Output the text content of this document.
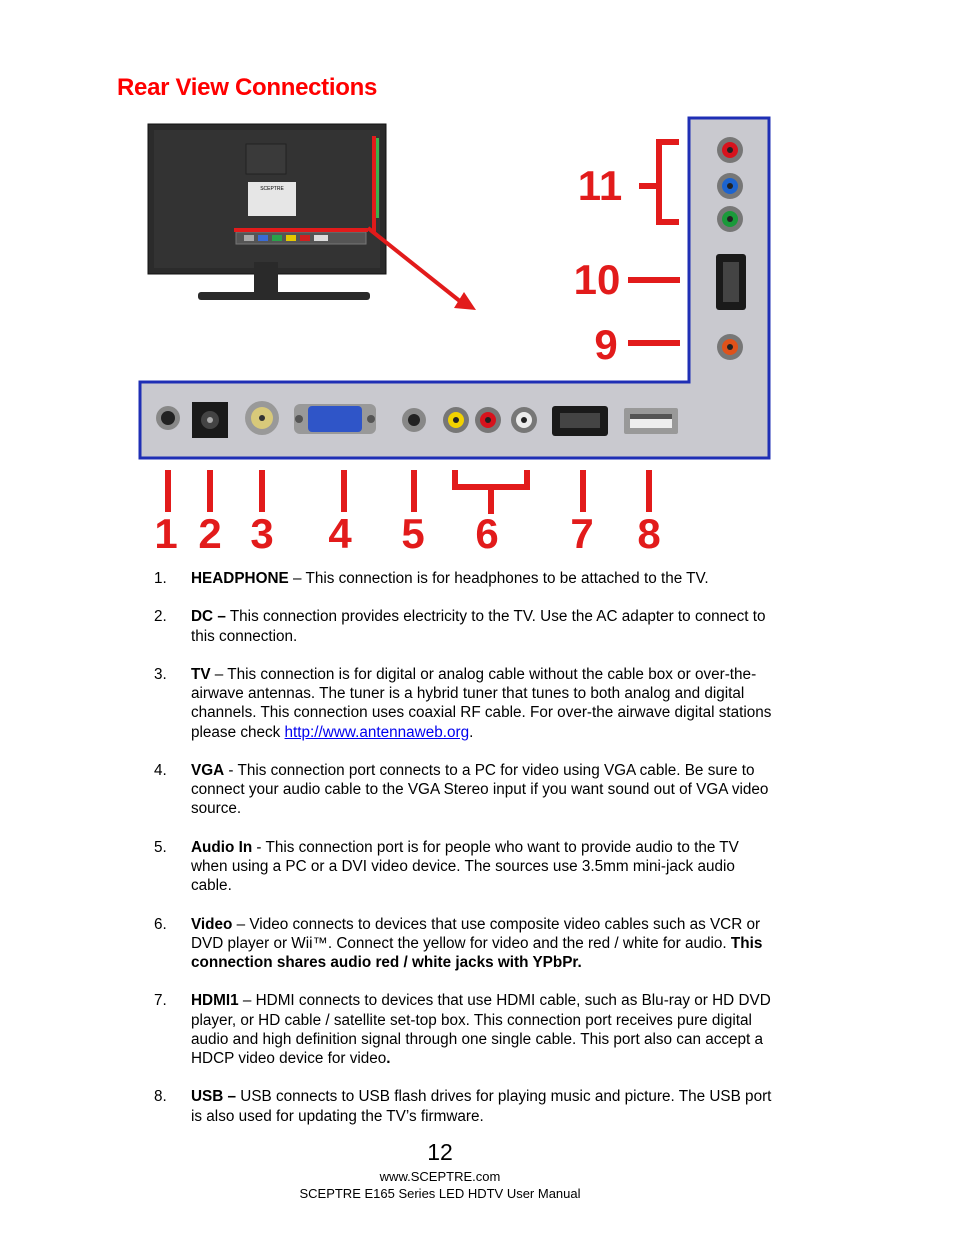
Rear View Connections
SCEPTRE
1 2 3 4 5 6 7 8
9
10
11
1. HEADPHONE – This connection is for headphones to be attached to the TV.
2. DC – This connection provides electricity to the TV. Use the AC adapter to connect to this connection.
3. TV – This connection is for digital or analog cable without the cable box or over-the-airwave antennas. The tuner is a hybrid tuner that tunes to both analog and digital channels. This connection uses coaxial RF cable. For over-the airwave digital stations please check http://www.antennaweb.org.
4. VGA - This connection port connects to a PC for video using VGA cable. Be sure to connect your audio cable to the VGA Stereo input if you want sound out of VGA video source.
5. Audio In - This connection port is for people who want to provide audio to the TV when using a PC or a DVI video device. The sources use 3.5mm mini-jack audio cable.
6. Video – Video connects to devices that use composite video cables such as VCR or DVD player or Wii™. Connect the yellow for video and the red / white for audio. This connection shares audio red / white jacks with YPbPr.
7. HDMI1 – HDMI connects to devices that use HDMI cable, such as Blu-ray or HD DVD player, or HD cable / satellite set-top box. This connection port receives pure digital audio and high definition signal through one single cable. This port also can accept a HDCP video device for video.
8. USB – USB connects to USB flash drives for playing music and picture. The USB port is also used for updating the TV’s firmware.
12
www.SCEPTRE.com
SCEPTRE E165 Series LED HDTV User Manual
